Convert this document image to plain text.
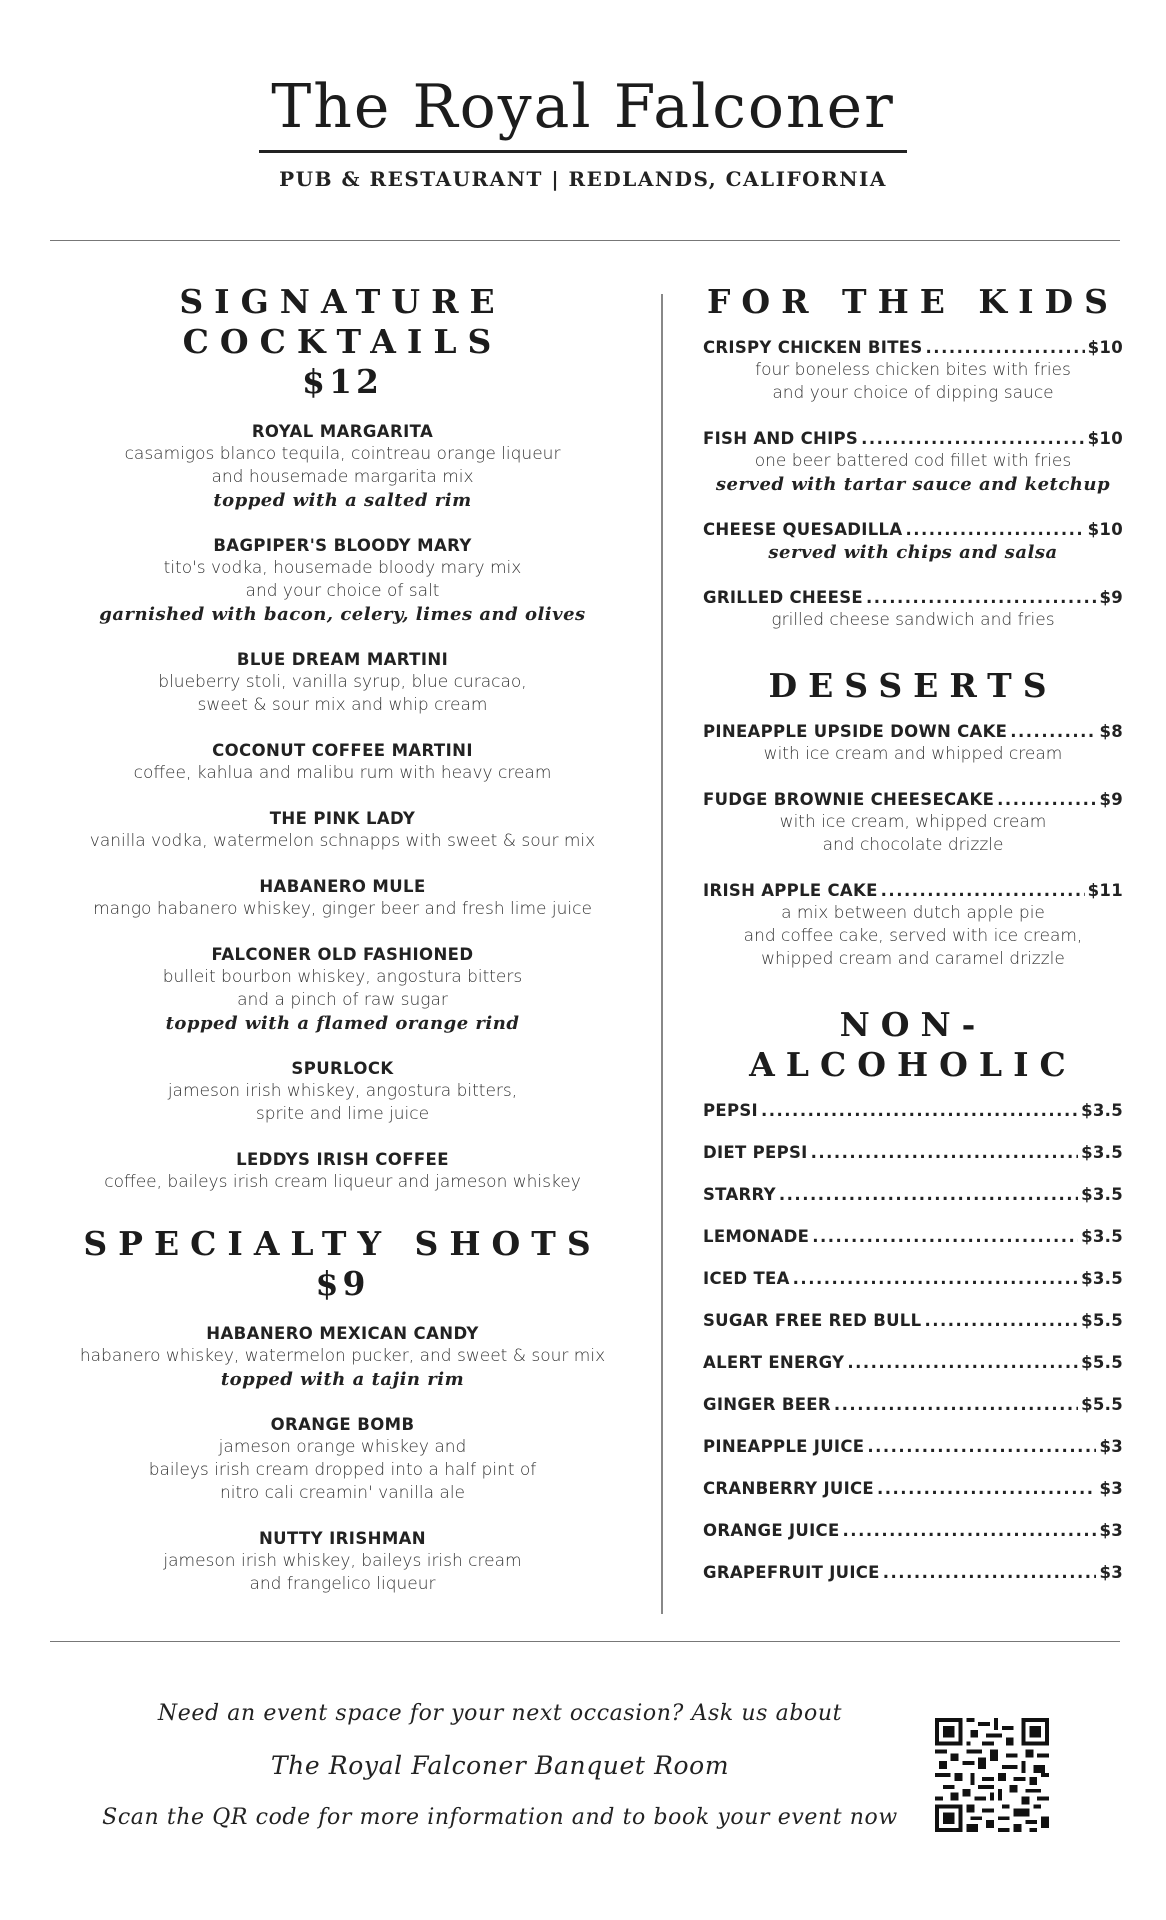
The Royal Falconer
PUB & RESTAURANT | REDLANDS, CALIFORNIA
SIGNATURE COCKTAILS
$12
ROYAL MARGARITA
casamigos blanco tequila, cointreau orange liqueur
and housemade margarita mix
topped with a salted rim
BAGPIPER'S BLOODY MARY
tito's vodka, housemade bloody mary mix
and your choice of salt
garnished with bacon, celery, limes and olives
BLUE DREAM MARTINI
blueberry stoli, vanilla syrup, blue curacao,
sweet & sour mix and whip cream
COCONUT COFFEE MARTINI
coffee, kahlua and malibu rum with heavy cream
THE PINK LADY
vanilla vodka, watermelon schnapps with sweet & sour mix
HABANERO MULE
mango habanero whiskey, ginger beer and fresh lime juice
FALCONER OLD FASHIONED
bulleit bourbon whiskey, angostura bitters
and a pinch of raw sugar
topped with a flamed orange rind
SPURLOCK
jameson irish whiskey, angostura bitters,
sprite and lime juice
LEDDYS IRISH COFFEE
coffee, baileys irish cream liqueur and jameson whiskey
SPECIALTY SHOTS
$9
HABANERO MEXICAN CANDY
habanero whiskey, watermelon pucker, and sweet & sour mix
topped with a tajin rim
ORANGE BOMB
jameson orange whiskey and
baileys irish cream dropped into a half pint of
nitro cali creamin' vanilla ale
NUTTY IRISHMAN
jameson irish whiskey, baileys irish cream
and frangelico liqueur
FOR THE KIDS
CRISPY CHICKEN BITES .....	$10
four boneless chicken bites with fries
and your choice of dipping sauce
FISH AND CHIPS .....	$10
one beer battered cod fillet with fries
served with tartar sauce and ketchup
CHEESE QUESADILLA .....	$10
served with chips and salsa
GRILLED CHEESE .....	$9
grilled cheese sandwich and fries
DESSERTS
PINEAPPLE UPSIDE DOWN CAKE .....	$8
with ice cream and whipped cream
FUDGE BROWNIE CHEESECAKE .....	$9
with ice cream, whipped cream
and chocolate drizzle
IRISH APPLE CAKE .....	$11
a mix between dutch apple pie
and coffee cake, served with ice cream,
whipped cream and caramel drizzle
NON-ALCOHOLIC
PEPSI .....	$3.5
DIET PEPSI .....	$3.5
STARRY .....	$3.5
LEMONADE .....	$3.5
ICED TEA .....	$3.5
SUGAR FREE RED BULL .....	$5.5
ALERT ENERGY .....	$5.5
GINGER BEER .....	$5.5
PINEAPPLE JUICE .....	$3
CRANBERRY JUICE .....	$3
ORANGE JUICE .....	$3
GRAPEFRUIT JUICE .....	$3
Need an event space for your next occasion? Ask us about
The Royal Falconer Banquet Room
Scan the QR code for more information and to book your event now
